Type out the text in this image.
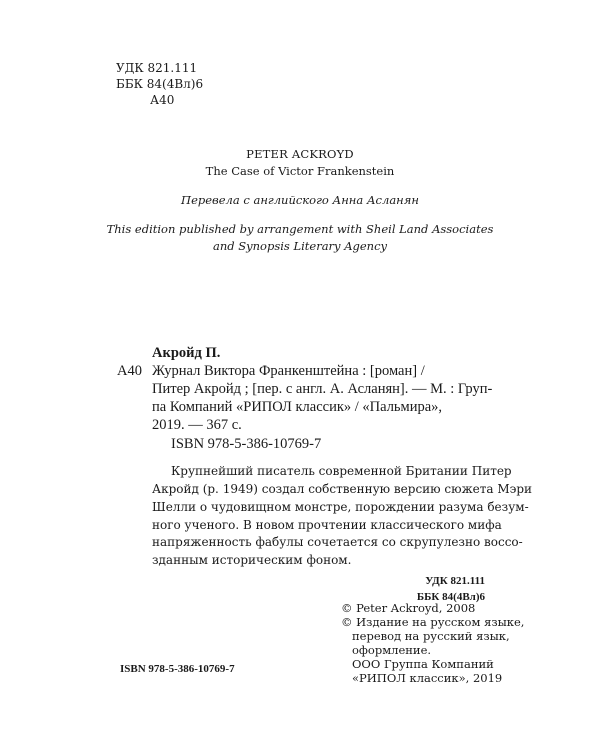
УДК 821.111
ББК 84(4Вл)6
А40
PETER ACKROYD
The Case of Victor Frankenstein
Перевела с английского Анна Асланян
This edition published by arrangement with Sheil Land Associates
and Synopsis Literary Agency
Акройд П.
А40 Журнал Виктора Франкенштейна : [роман] /
Питер Акройд ; [пер. с англ. А. Асланян]. — М. : Груп-
па Компаний «РИПОЛ классик» / «Пальмира»,
2019. — 367 с.
ISBN 978-5-386-10769-7
Крупнейший писатель современной Британии Питер
Акройд (р. 1949) создал собственную версию сюжета Мэри
Шелли о чудовищном монстре, порождении разума безум-
ного ученого. В новом прочтении классического мифа
напряженность фабулы сочетается со скрупулезно воссо-
зданным историческим фоном.
УДК 821.111
ББК 84(4Вл)6
© Peter Ackroyd, 2008
© Издание на русском языке,
перевод на русский язык,
оформление.
ООО Группа Компаний
«РИПОЛ классик», 2019
ISBN 978-5-386-10769-7
